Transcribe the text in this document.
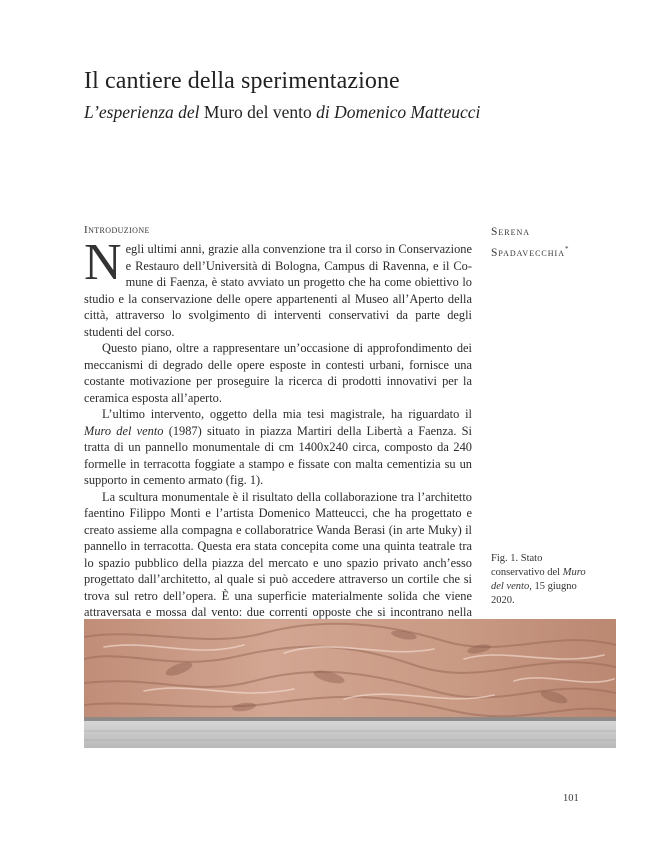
Il cantiere della sperimentazione
L’esperienza del Muro del vento di Domenico Matteucci
Introduzione	Serena
Spadavecchia*

Negli ultimi anni, grazie alla convenzione tra il corso in Conservazione e Restauro dell’Università di Bologna, Campus di Ravenna, e il Comune di Faenza, è stato avviato un progetto che ha come obiettivo lo studio e la conservazione delle opere appartenenti al Museo all’Aperto della città, attraverso lo svolgimento di interventi conservativi da parte degli studenti del corso.

Questo piano, oltre a rappresentare un’occasione di approfondimento dei meccanismi di degrado delle opere esposte in contesti urbani, fornisce una costante motivazione per proseguire la ricerca di prodotti innovativi per la ceramica esposta all’aperto.

L’ultimo intervento, oggetto della mia tesi magistrale, ha riguardato il Muro del vento (1987) situato in piazza Martiri della Libertà a Faenza. Si tratta di un pannello monumentale di cm 1400x240 circa, composto da 240 formelle in terracotta foggiate a stampo e fissate con malta cementizia su un supporto in cemento armato (fig. 1).

La scultura monumentale è il risultato della collaborazione tra l’architetto faentino Filippo Monti e l’artista Domenico Matteucci, che ha progettato e creato assieme alla compagna e collaboratrice Wanda Berasi (in arte Muky) il pannello in terracotta. Questa era stata concepita come una quinta teatrale tra lo spazio pubblico della piazza del mercato e uno spazio privato anch’esso progettato dall’architetto, al quale si può accedere attraverso un cortile che si trova sul retro dell’opera. È una superficie materialmente solida che viene attraversata e mossa dal vento: due correnti opposte che si incontrano nella

Fig. 1. Stato conservativo del Muro del vento, 15 giugno 2020.
101
